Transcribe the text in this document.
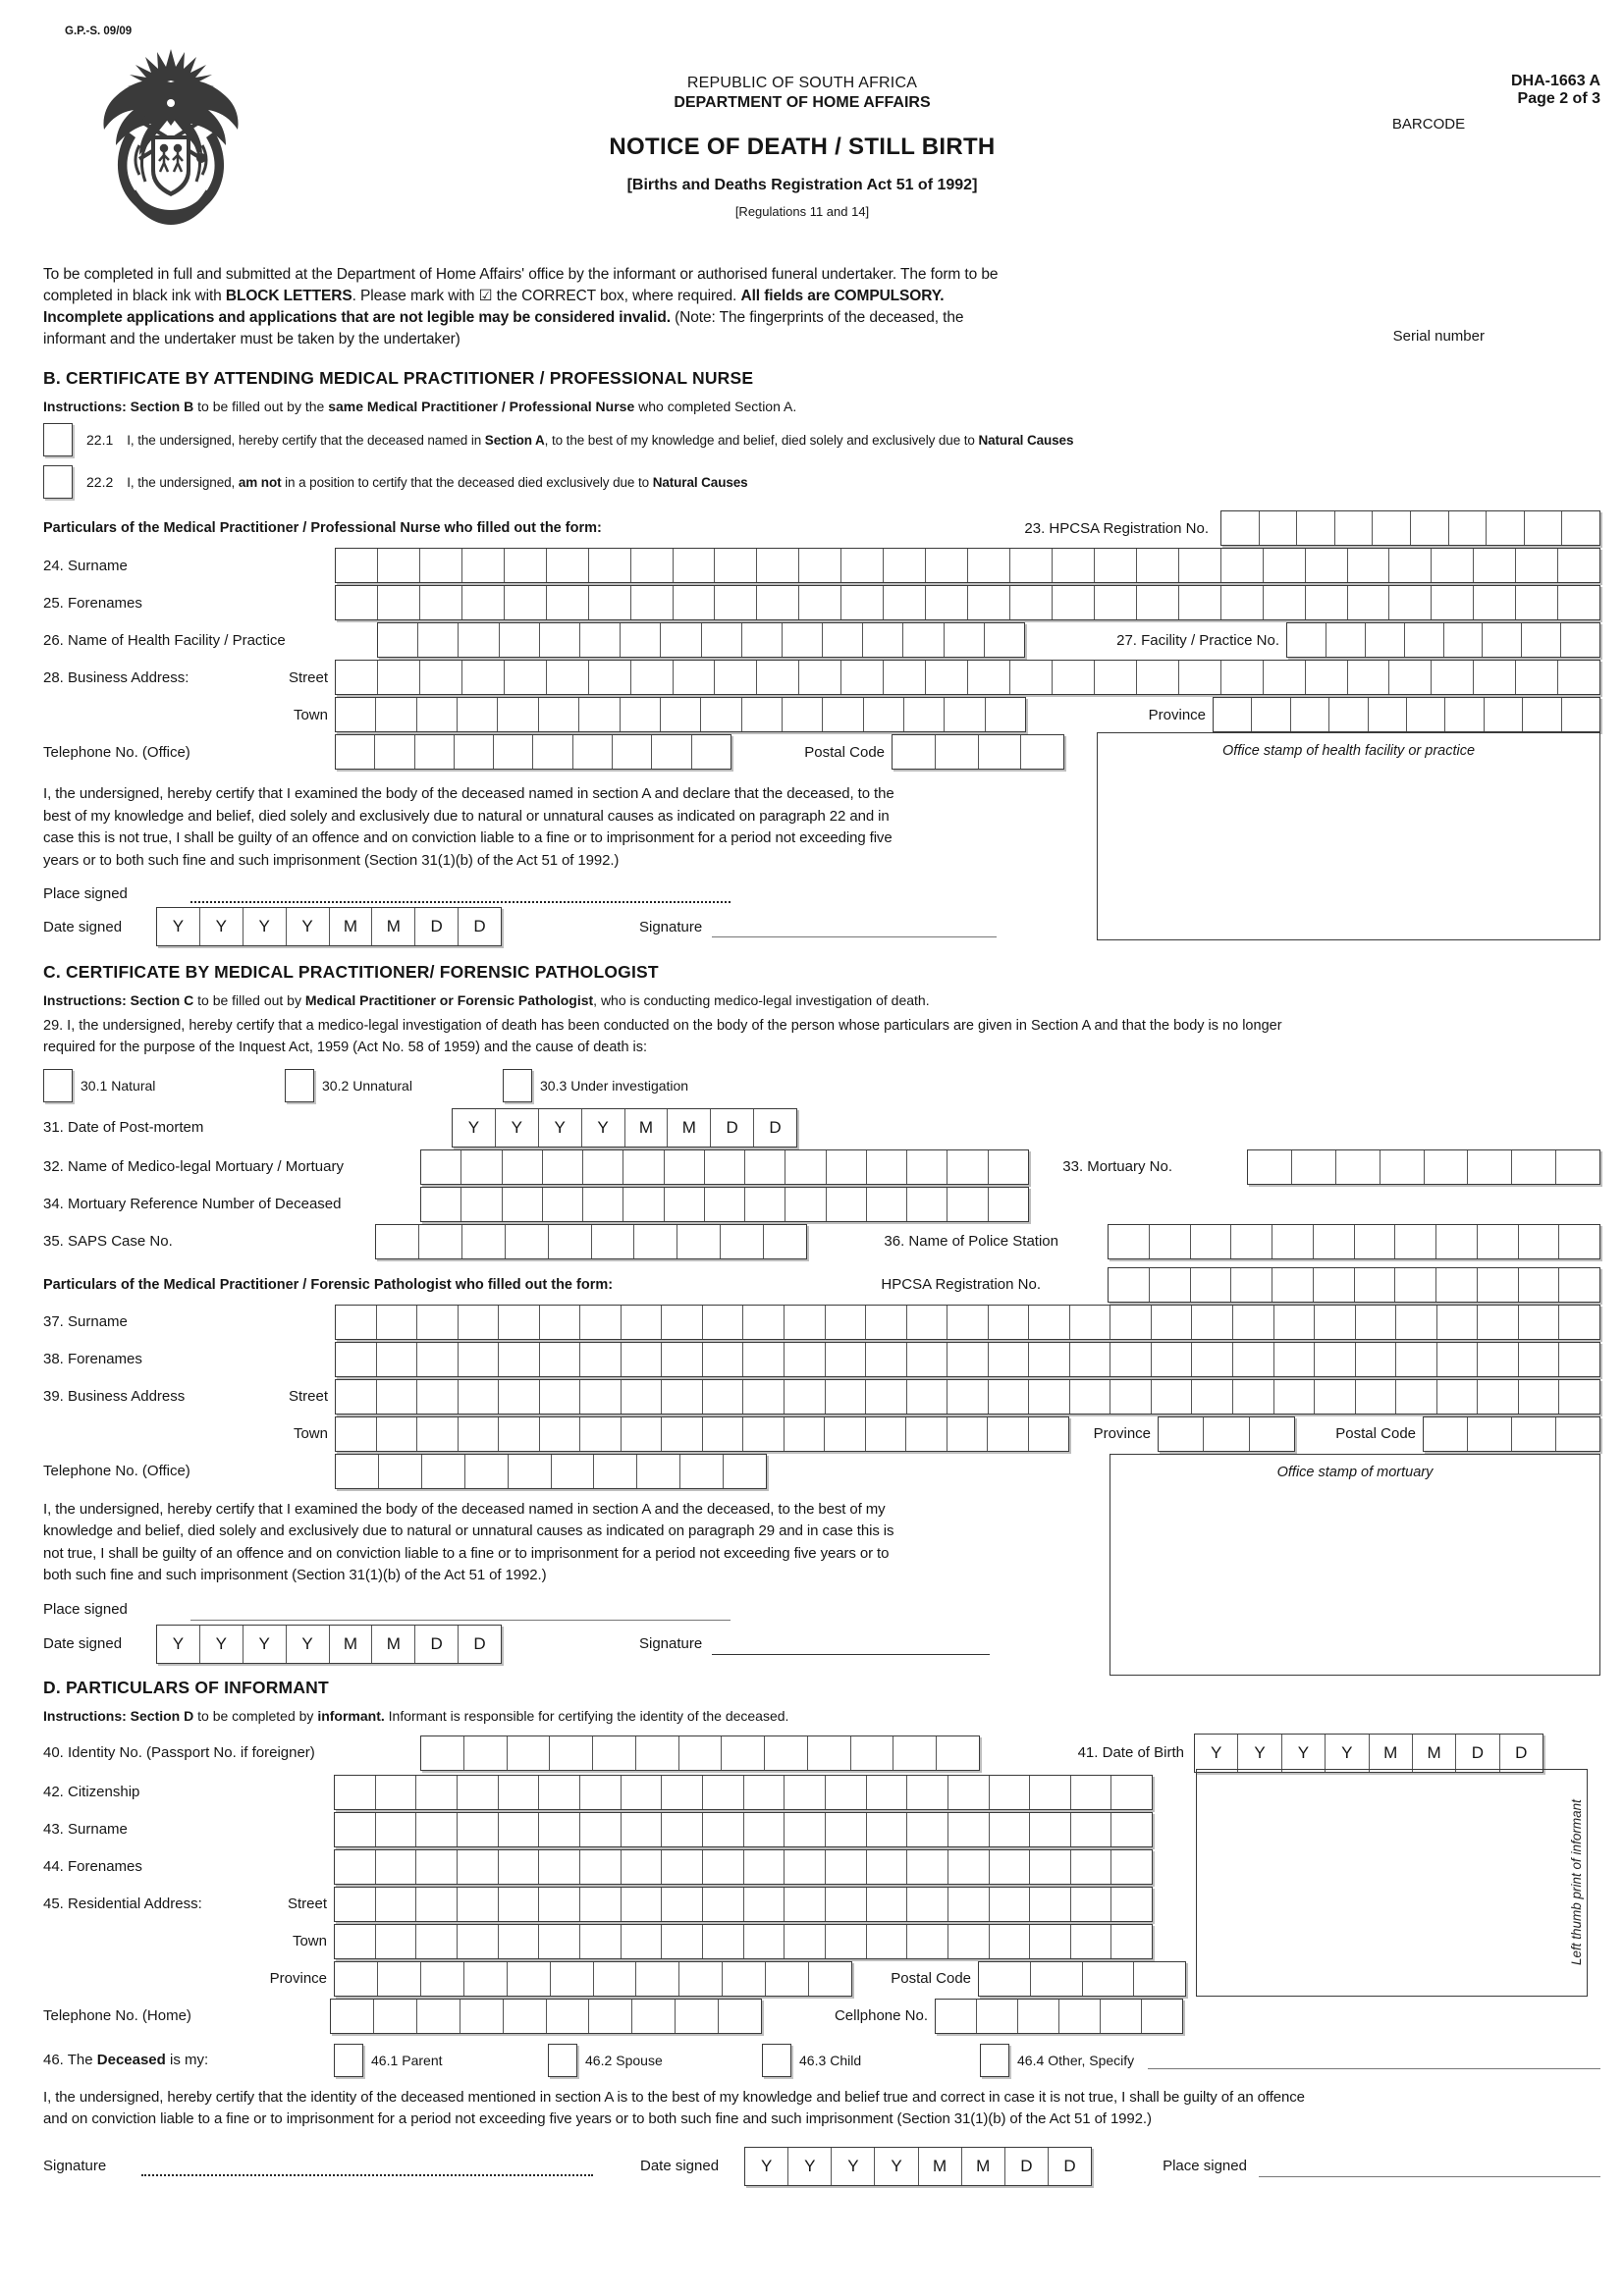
G.P.-S. 09/09
REPUBLIC OF SOUTH AFRICA
DEPARTMENT OF HOME AFFAIRS
NOTICE OF DEATH / STILL BIRTH
[Births and Deaths Registration Act 51 of 1992]
[Regulations 11 and 14]
DHA-1663 A
Page 2 of 3
BARCODE

To be completed in full and submitted at the Department of Home Affairs' office by the informant or authorised funeral undertaker. The form to be
completed in black ink with BLOCK LETTERS. Please mark with ☑ the CORRECT box, where required. All fields are COMPULSORY.
Incomplete applications and applications that are not legible may be considered invalid. (Note: The fingerprints of the deceased, the
informant and the undertaker must be taken by the undertaker)	Serial number
B. CERTIFICATE BY ATTENDING MEDICAL PRACTITIONER / PROFESSIONAL NURSE
Instructions: Section B to be filled out by the same Medical Practitioner / Professional Nurse who completed Section A.
22.1 I, the undersigned, hereby certify that the deceased named in Section A, to the best of my knowledge and belief, died solely and exclusively due to Natural Causes
22.2 I, the undersigned, am not in a position to certify that the deceased died exclusively due to Natural Causes
Particulars of the Medical Practitioner / Professional Nurse who filled out the form:	23. HPCSA Registration No.
24. Surname
25. Forenames
26. Name of Health Facility / Practice	27. Facility / Practice No.
28. Business Address:	Street
Town	Province
Telephone No. (Office)	Postal Code	Office stamp of health facility or practice

I, the undersigned, hereby certify that I examined the body of the deceased named in section A and declare that the deceased, to the
best of my knowledge and belief, died solely and exclusively due to natural or unnatural causes as indicated on paragraph 22 and in
case this is not true, I shall be guilty of an offence and on conviction liable to a fine or to imprisonment for a period not exceeding five
years or to both such fine and such imprisonment (Section 31(1)(b) of the Act 51 of 1992.)

Place signed
Date signed	Y	Y	Y	Y	M	M	D	D	Signature
C. CERTIFICATE BY MEDICAL PRACTITIONER/ FORENSIC PATHOLOGIST
Instructions: Section C to be filled out by Medical Practitioner or Forensic Pathologist, who is conducting medico-legal investigation of death.

29. I, the undersigned, hereby certify that a medico-legal investigation of death has been conducted on the body of the person whose particulars are given in Section A and that the body is no longer
required for the purpose of the Inquest Act, 1959 (Act No. 58 of 1959) and the cause of death is:

30.1 Natural	30.2 Unnatural	30.3 Under investigation
31. Date of Post-mortem	Y	Y	Y	Y	M	M	D	D
32. Name of Medico-legal Mortuary / Mortuary	33. Mortuary No.
34. Mortuary Reference Number of Deceased
35. SAPS Case No.	36. Name of Police Station
Particulars of the Medical Practitioner / Forensic Pathologist who filled out the form:	HPCSA Registration No.
37. Surname
38. Forenames
39. Business Address	Street
Town	Province	Postal Code
Telephone No. (Office)	Office stamp of mortuary

I, the undersigned, hereby certify that I examined the body of the deceased named in section A and the deceased, to the best of my
knowledge and belief, died solely and exclusively due to natural or unnatural causes as indicated on paragraph 29 and in case this is
not true, I shall be guilty of an offence and on conviction liable to a fine or to imprisonment for a period not exceeding five years or to
both such fine and such imprisonment (Section 31(1)(b) of the Act 51 of 1992.)

Place signed
Date signed	Y	Y	Y	Y	M	M	D	D	Signature
D. PARTICULARS OF INFORMANT
Instructions: Section D to be completed by informant. Informant is responsible for certifying the identity of the deceased.
40. Identity No. (Passport No. if foreigner)	41. Date of Birth	Y	Y	Y	Y	M	M	D	D
Left thumb print of informant
42. Citizenship
43. Surname
44. Forenames
45. Residential Address:	Street
Town
Province	Postal Code
Telephone No. (Home)	Cellphone No.
46. The Deceased is my:	46.1 Parent	46.2 Spouse	46.3 Child	46.4 Other, Specify

I, the undersigned, hereby certify that the identity of the deceased mentioned in section A is to the best of my knowledge and belief true and correct in case it is not true, I shall be guilty of an offence
and on conviction liable to a fine or to imprisonment for a period not exceeding five years or to both such fine and such imprisonment (Section 31(1)(b) of the Act 51 of 1992.)

Signature	Date signed	Y	Y	Y	Y	M	M	D	D	Place signed
